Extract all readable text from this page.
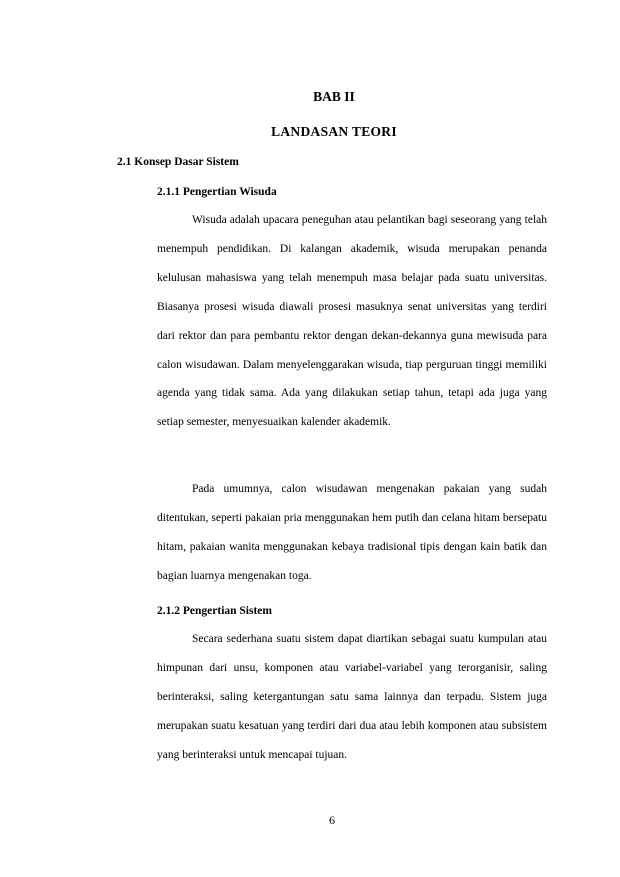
BAB II
LANDASAN TEORI
2.1 Konsep Dasar Sistem
2.1.1 Pengertian Wisuda

Wisuda adalah upacara peneguhan atau pelantikan bagi seseorang yang telah menempuh pendidikan. Di kalangan akademik, wisuda merupakan penanda kelulusan mahasiswa yang telah menempuh masa belajar pada suatu universitas. Biasanya prosesi wisuda diawali prosesi masuknya senat universitas yang terdiri dari rektor dan para pembantu rektor dengan dekan-dekannya guna mewisuda para calon wisudawan. Dalam menyelenggarakan wisuda, tiap perguruan tinggi memiliki agenda yang tidak sama. Ada yang dilakukan setiap tahun, tetapi ada juga yang setiap semester, menyesuaikan kalender akademik.

Pada umumnya, calon wisudawan mengenakan pakaian yang sudah ditentukan, seperti pakaian pria menggunakan hem putih dan celana hitam bersepatu hitam, pakaian wanita menggunakan kebaya tradisional tipis dengan kain batik dan bagian luarnya mengenakan toga.

2.1.2 Pengertian Sistem

Secara sederhana suatu sistem dapat diartikan sebagai suatu kumpulan atau himpunan dari unsu, komponen atau variabel-variabel yang terorganisir, saling berinteraksi, saling ketergantungan satu sama lainnya dan terpadu. Sistem juga merupakan suatu kesatuan yang terdiri dari dua atau lebih komponen atau subsistem yang berinteraksi untuk mencapai tujuan.

6
